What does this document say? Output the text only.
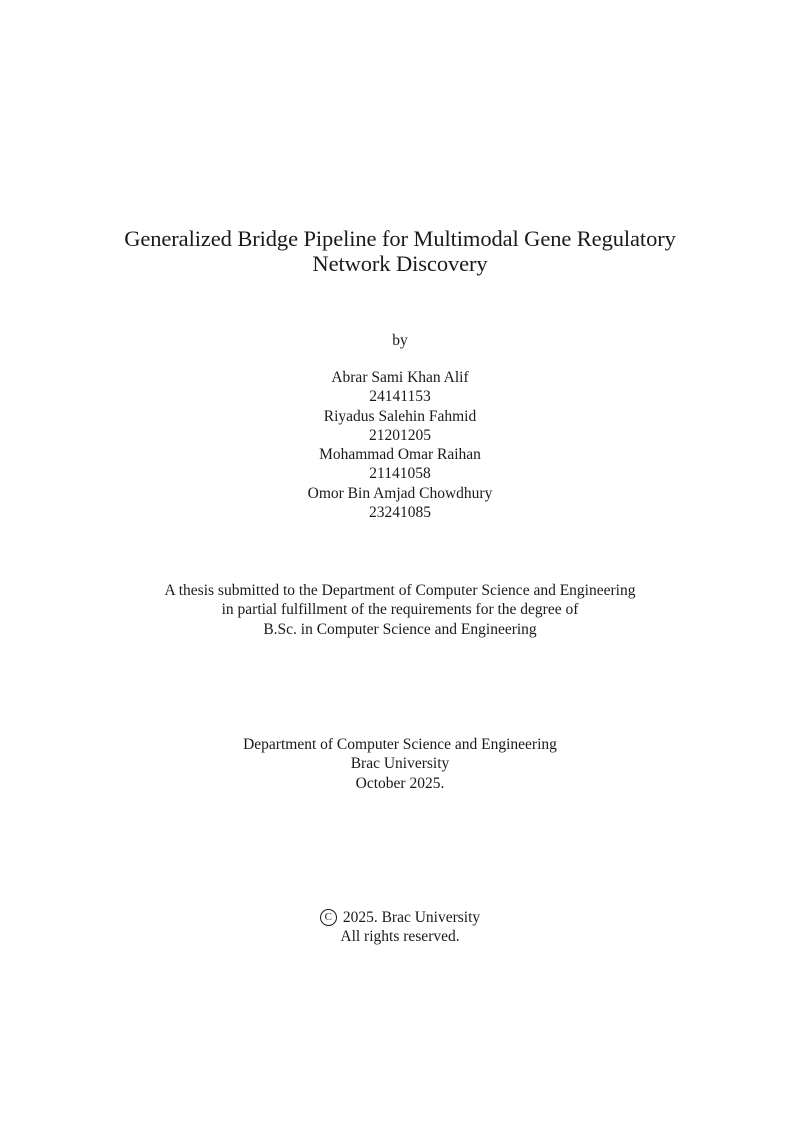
Generalized Bridge Pipeline for Multimodal Gene Regulatory
Network Discovery
by
Abrar Sami Khan Alif
24141153
Riyadus Salehin Fahmid
21201205
Mohammad Omar Raihan
21141058
Omor Bin Amjad Chowdhury
23241085
A thesis submitted to the Department of Computer Science and Engineering
in partial fulfillment of the requirements for the degree of
B.Sc. in Computer Science and Engineering
Department of Computer Science and Engineering
Brac University
October 2025.
C 2025. Brac University
All rights reserved.
